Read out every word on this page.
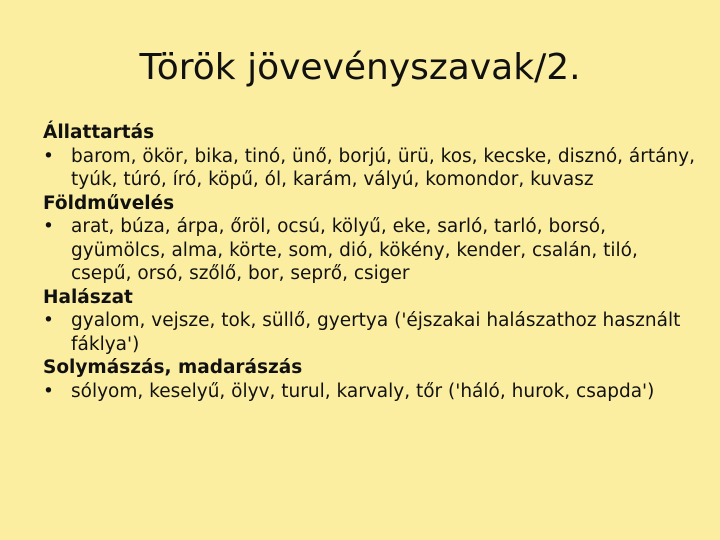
Török jövevényszavak/2.
Állattartás
• barom, ökör, bika, tinó, ünő, borjú, ürü, kos, kecske, disznó, ártány, tyúk, túró, író, köpű, ól, karám, vályú, komondor, kuvasz
Földművelés
• arat, búza, árpa, őröl, ocsú, kölyű, eke, sarló, tarló, borsó, gyümölcs, alma, körte, som, dió, kökény, kender, csalán, tiló, csepű, orsó, szőlő, bor, seprő, csiger
Halászat
• gyalom, vejsze, tok, süllő, gyertya ('éjszakai halászathoz használt fáklya')
Solymászás, madarászás
• sólyom, keselyű, ölyv, turul, karvaly, tőr ('háló, hurok, csapda')
